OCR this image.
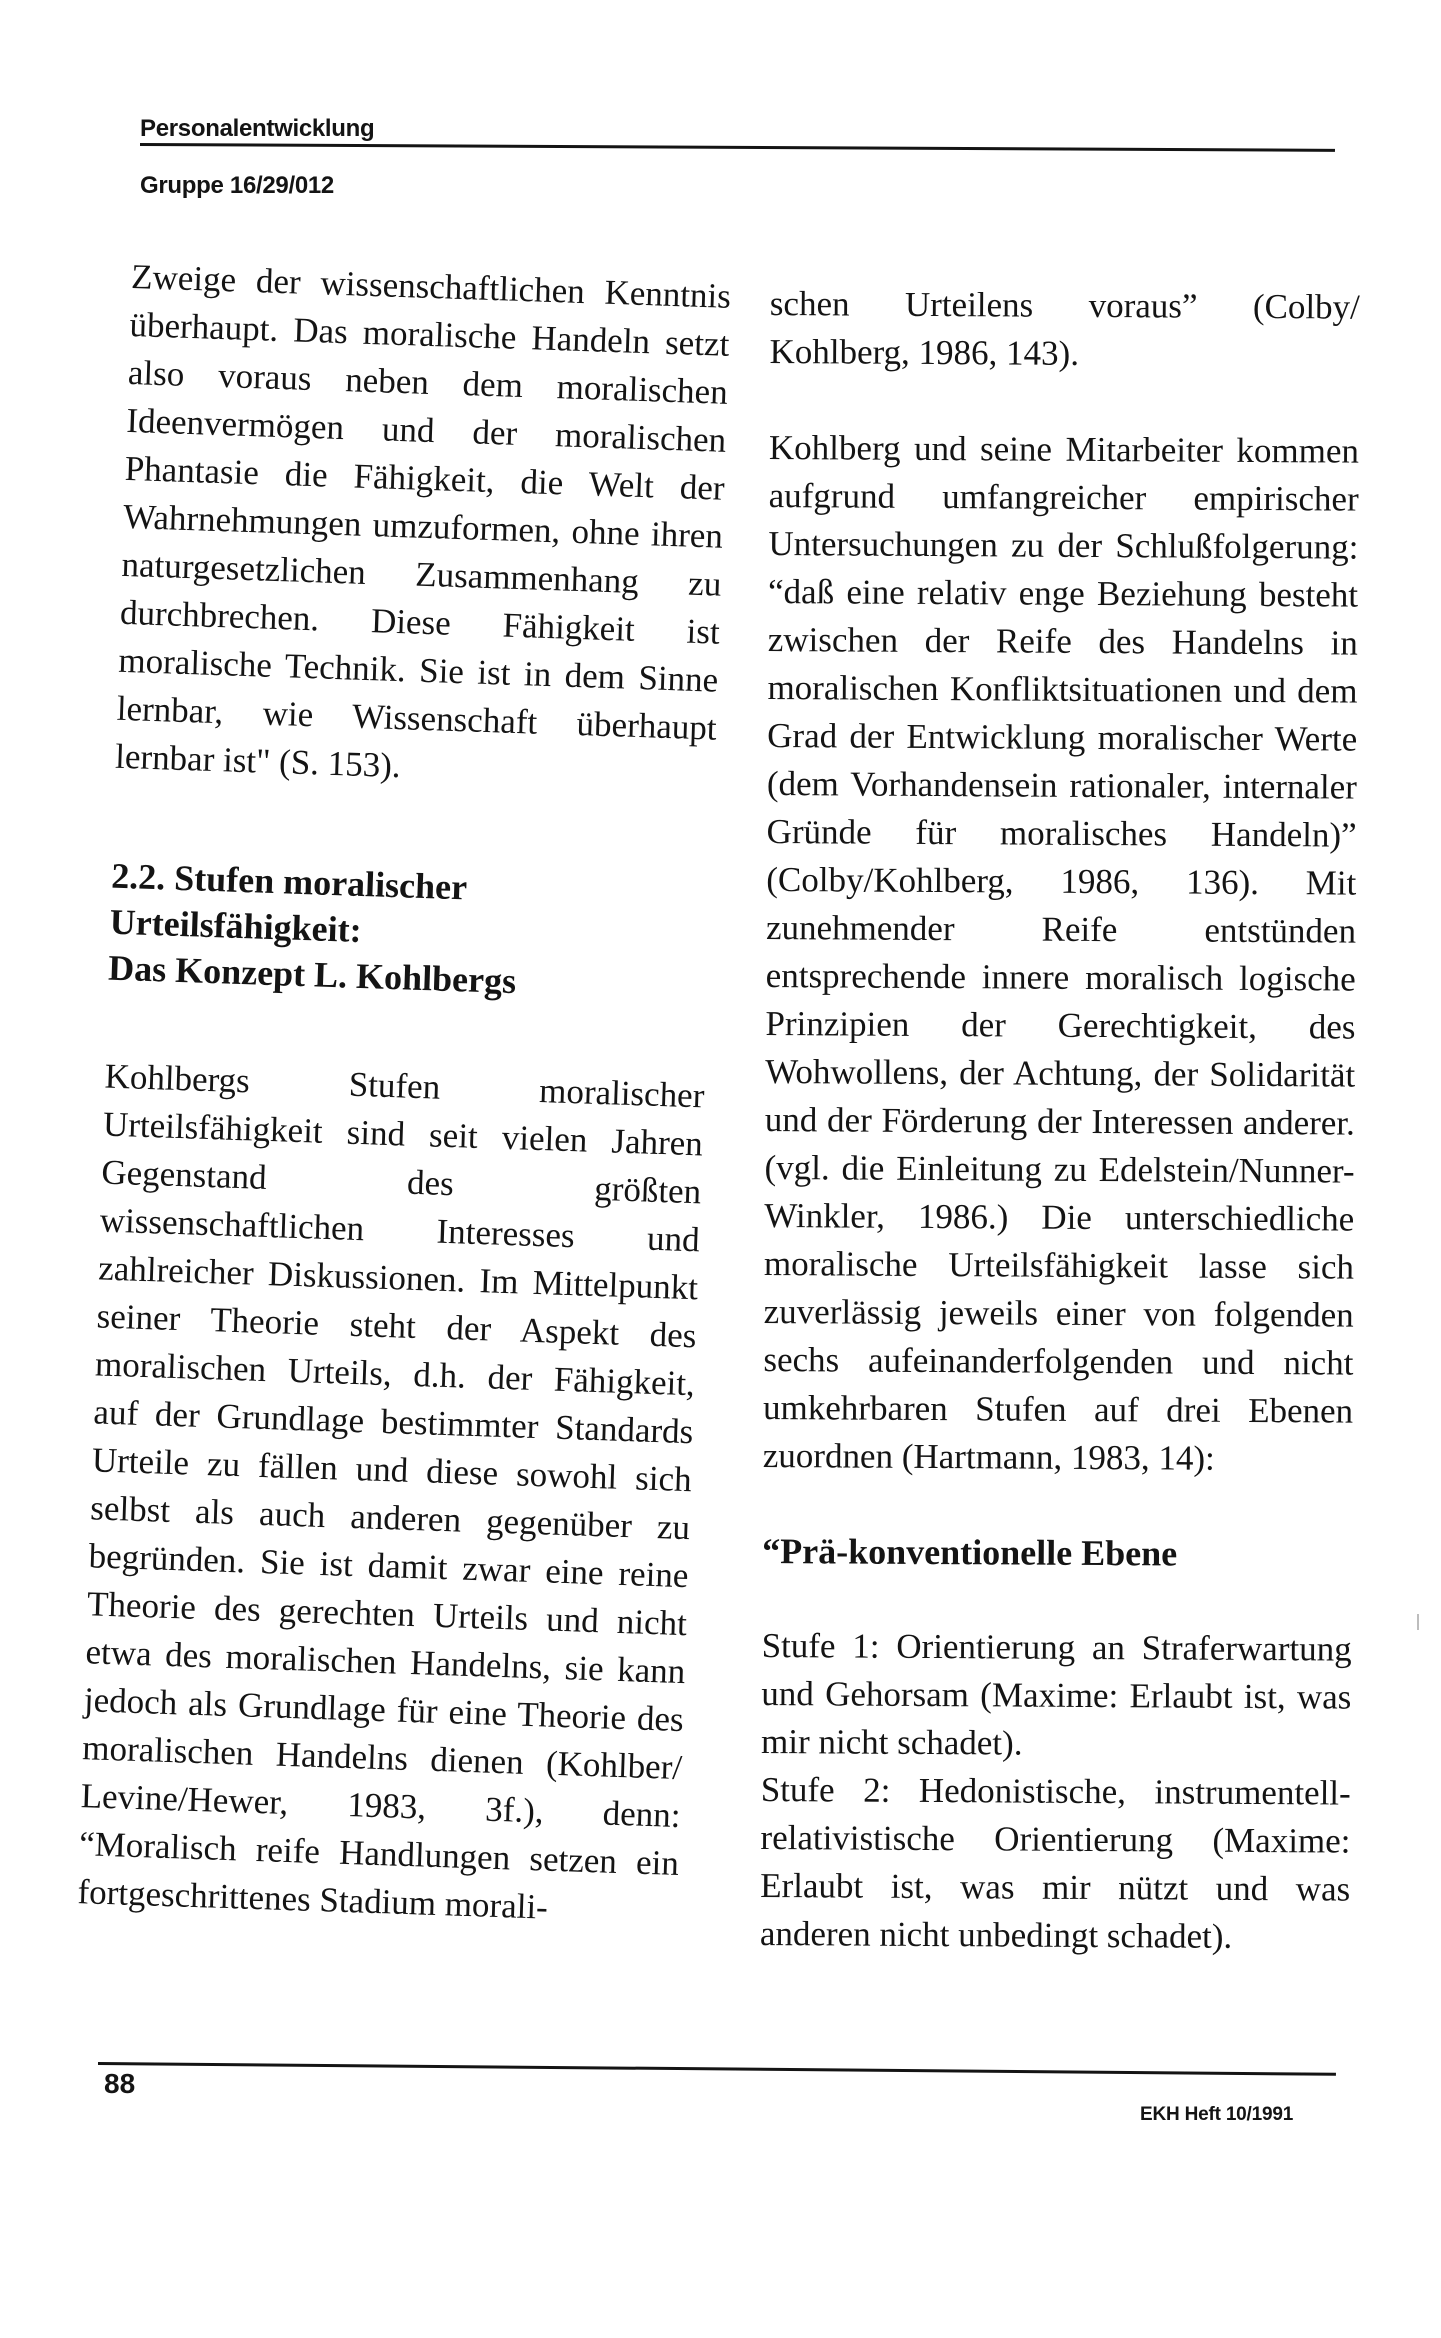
Personalentwicklung
Gruppe 16/29/012

Zweige der wissenschaftlichen Kenntnis überhaupt. Das moralische Handeln setzt also voraus neben dem moralischen Ideenvermögen und der moralischen Phantasie die Fähigkeit, die Welt der Wahrnehmungen umzuformen, ohne ihren naturgesetzlichen Zusammenhang zu durchbrechen. Diese Fähigkeit ist moralische Technik. Sie ist in dem Sinne lernbar, wie Wissenschaft überhaupt lernbar ist" (S. 153).

2.2. Stufen moralischer
Urteilsfähigkeit:
Das Konzept L. Kohlbergs

Kohlbergs Stufen moralischer Urteilsfähigkeit sind seit vielen Jahren Gegenstand des größten wissenschaftlichen Interesses und zahlreicher Diskussionen. Im Mittelpunkt seiner Theorie steht der Aspekt des moralischen Urteils, d.h. der Fähigkeit, auf der Grundlage bestimmter Standards Urteile zu fällen und diese sowohl sich selbst als auch anderen gegenüber zu begründen. Sie ist damit zwar eine reine Theorie des gerechten Urteils und nicht etwa des moralischen Handelns, sie kann jedoch als Grundlage für eine Theorie des moralischen Handelns dienen (Kohlber/ Levine/Hewer, 1983, 3f.), denn: “Moralisch reife Handlungen setzen ein fortgeschrittenes Stadium morali-

schen Urteilens voraus” (Colby/ Kohlberg, 1986, 143).

Kohlberg und seine Mitarbeiter kommen aufgrund umfangreicher empirischer Untersuchungen zu der Schlußfolgerung: “daß eine relativ enge Beziehung besteht zwischen der Reife des Handelns in moralischen Konfliktsituationen und dem Grad der Entwicklung moralischer Werte (dem Vorhandensein rationaler, internaler Gründe für moralisches Handeln)” (Colby/Kohlberg, 1986, 136). Mit zunehmender Reife entstünden entsprechende innere moralisch logische Prinzipien der Gerechtigkeit, des Wohwollens, der Achtung, der Solidarität und der Förderung der Interessen anderer. (vgl. die Einleitung zu Edelstein/Nunner-Winkler, 1986.) Die unterschiedliche moralische Urteilsfähigkeit lasse sich zuverlässig jeweils einer von folgenden sechs aufeinanderfolgenden und nicht umkehrbaren Stufen auf drei Ebenen zuordnen (Hartmann, 1983, 14):

“Prä-konventionelle Ebene

Stufe 1: Orientierung an Straferwartung und Gehorsam (Maxime: Erlaubt ist, was mir nicht schadet).

Stufe 2: Hedonistische, instrumentell-relativistische Orientierung (Maxime: Erlaubt ist, was mir nützt und was anderen nicht unbedingt schadet).

88
EKH Heft 10/1991
